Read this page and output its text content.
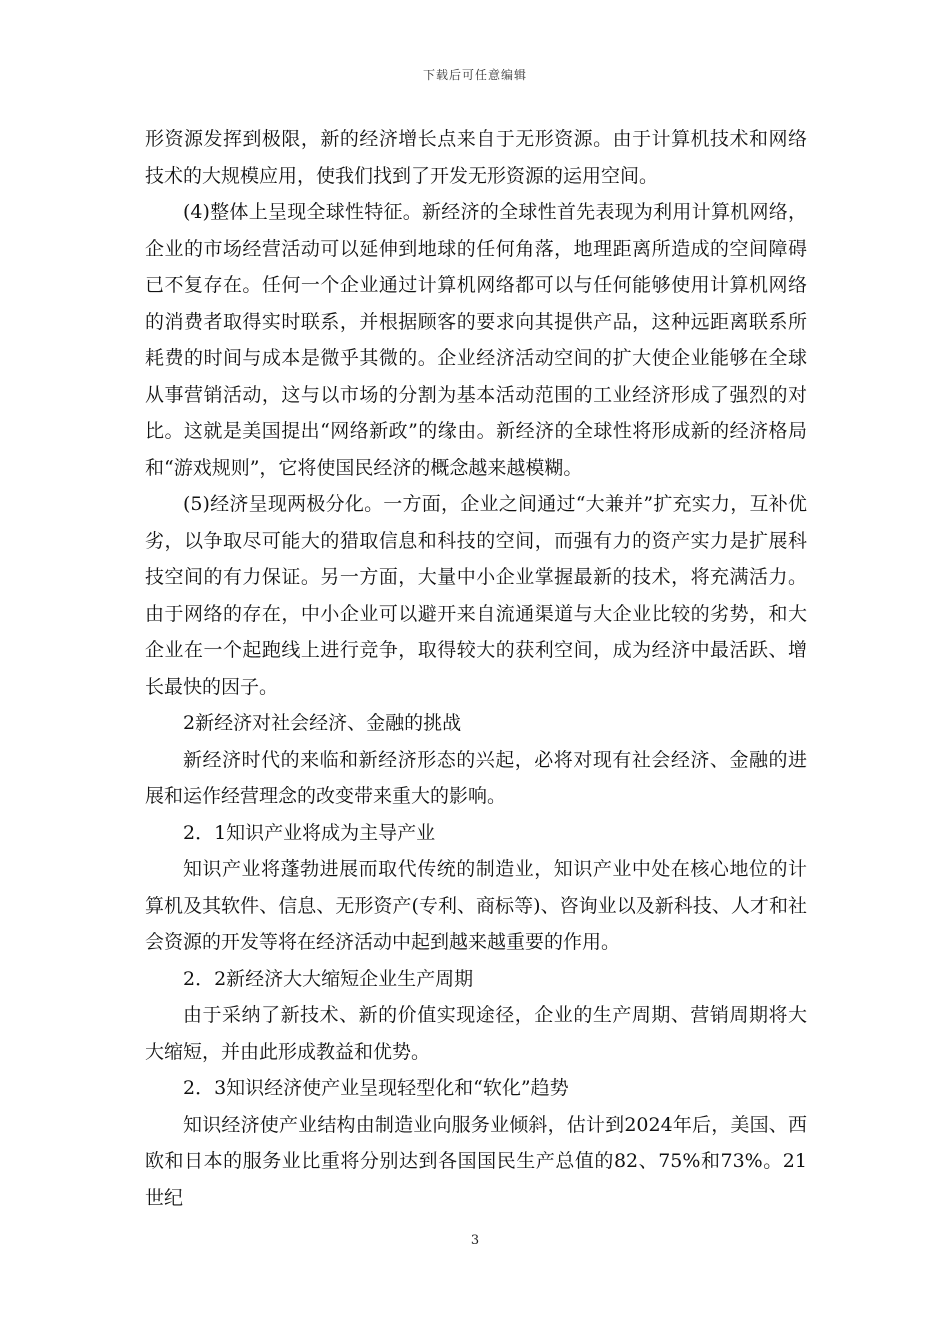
下载后可任意编辑

形资源发挥到极限，新的经济增长点来自于无形资源。由于计算机技术和网络技术的大规模应用，使我们找到了开发无形资源的运用空间。

(4)整体上呈现全球性特征。新经济的全球性首先表现为利用计算机网络，企业的市场经营活动可以延伸到地球的任何角落，地理距离所造成的空间障碍已不复存在。任何一个企业通过计算机网络都可以与任何能够使用计算机网络的消费者取得实时联系，并根据顾客的要求向其提供产品，这种远距离联系所耗费的时间与成本是微乎其微的。企业经济活动空间的扩大使企业能够在全球从事营销活动，这与以市场的分割为基本活动范围的工业经济形成了强烈的对比。这就是美国提出“网络新政”的缘由。新经济的全球性将形成新的经济格局和“游戏规则”，它将使国民经济的概念越来越模糊。

(5)经济呈现两极分化。一方面，企业之间通过“大兼并”扩充实力，互补优劣，以争取尽可能大的猎取信息和科技的空间，而强有力的资产实力是扩展科技空间的有力保证。另一方面，大量中小企业掌握最新的技术，将充满活力。由于网络的存在，中小企业可以避开来自流通渠道与大企业比较的劣势，和大企业在一个起跑线上进行竞争，取得较大的获利空间，成为经济中最活跃、增长最快的因子。

2新经济对社会经济、金融的挑战

新经济时代的来临和新经济形态的兴起，必将对现有社会经济、金融的进展和运作经营理念的改变带来重大的影响。

2．1知识产业将成为主导产业

知识产业将蓬勃进展而取代传统的制造业，知识产业中处在核心地位的计算机及其软件、信息、无形资产(专利、商标等)、咨询业以及新科技、人才和社会资源的开发等将在经济活动中起到越来越重要的作用。

2．2新经济大大缩短企业生产周期

由于采纳了新技术、新的价值实现途径，企业的生产周期、营销周期将大大缩短，并由此形成教益和优势。

2．3知识经济使产业呈现轻型化和“软化”趋势

知识经济使产业结构由制造业向服务业倾斜，估计到2024年后，美国、西欧和日本的服务业比重将分别达到各国国民生产总值的82、75%和73%。21世纪

3
